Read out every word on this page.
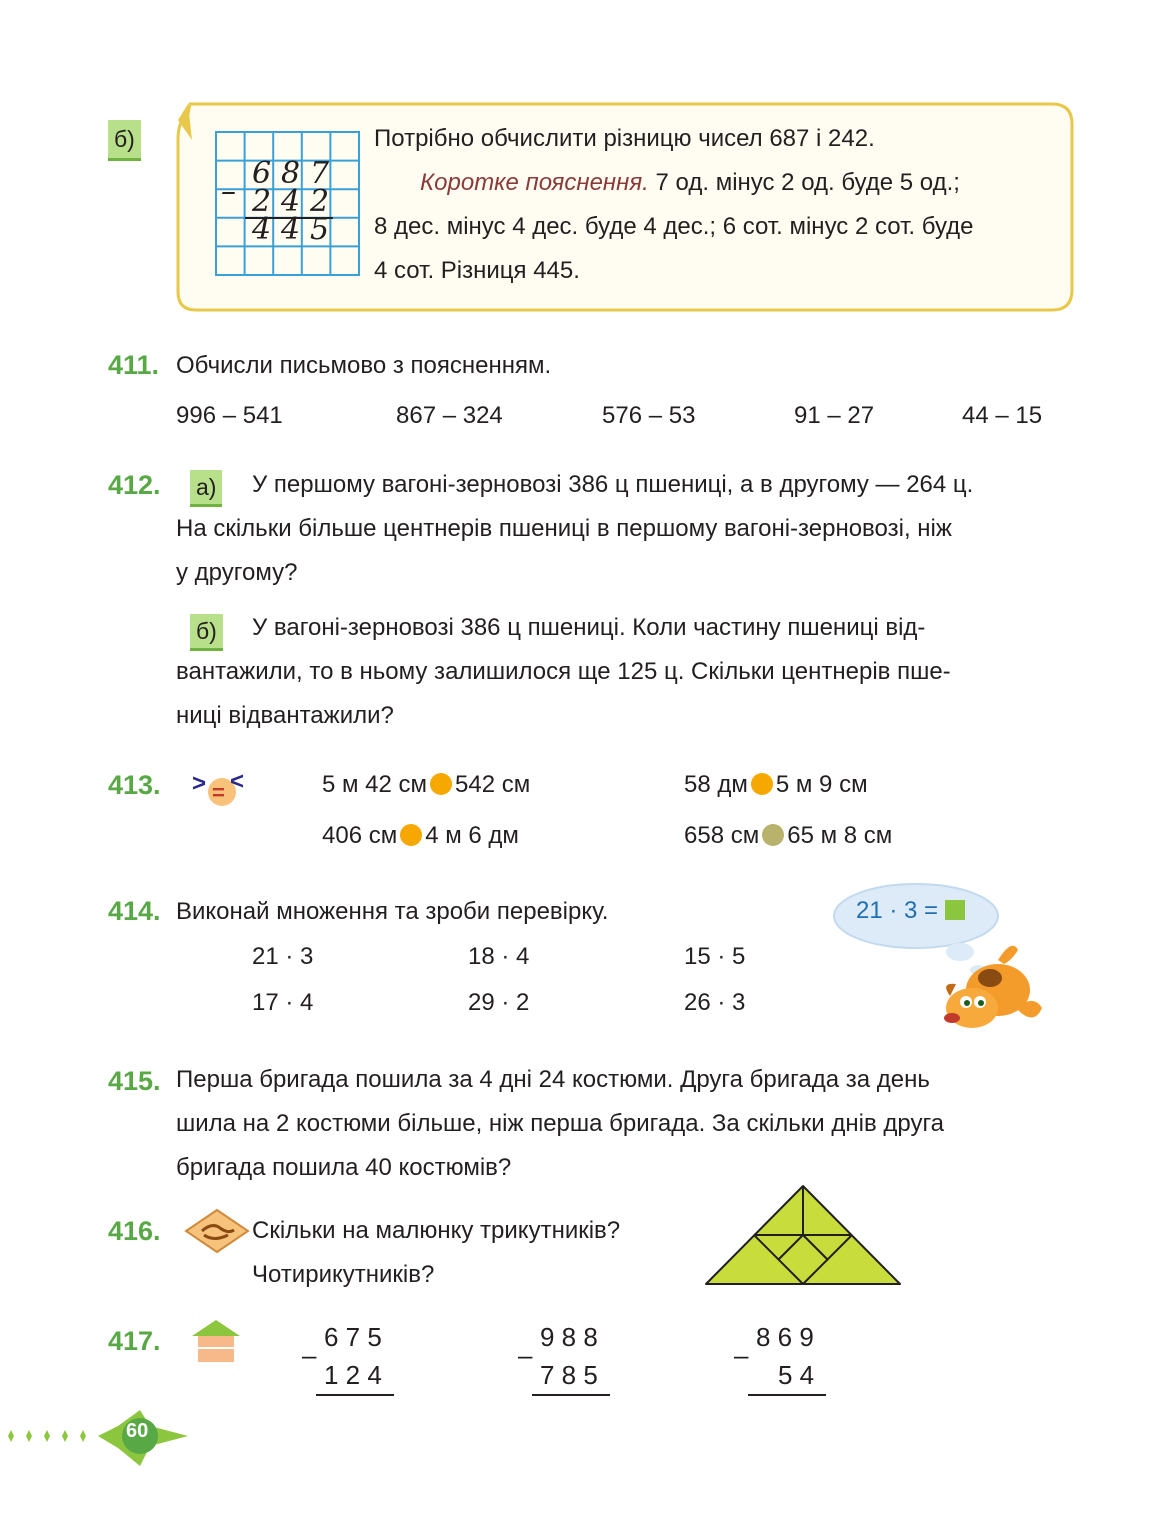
б)
–
6 8 7
2 4 2
4 4 5
Потрібно обчислити різницю чисел 687 і 242.
Коротке пояснення. 7 од. мінус 2 од. буде 5 од.;
8 дес. мінус 4 дес. буде 4 дес.; 6 сот. мінус 2 сот. буде
4 сот. Різниця 445.
411. Обчисли письмово з поясненням.
996 – 541	867 – 324	576 – 53	91 – 27	44 – 15
412. а)	У першому вагоні-зерновозі 386 ц пшениці, а в другому — 264 ц.
На скільки більше центнерів пшениці в першому вагоні-зерновозі, ніж
у другому?
б)	У вагоні-зерновозі 386 ц пшениці. Коли частину пшениці від-
вантажили, то в ньому залишилося ще 125 ц. Скільки центнерів пше-
ниці відвантажили?
413. > = <	5 м 42 см 542 см	58 дм 5 м 9 см
406 см 4 м 6 дм	658 см 65 м 8 см
414. Виконай множення та зроби перевірку.
21 · 3	18 · 4	15 · 5
17 · 4	29 · 2	26 · 3
21 · 3 =
415. Перша бригада пошила за 4 дні 24 костюми. Друга бригада за день
шила на 2 костюми більше, ніж перша бригада. За скільки днів друга
бригада пошила 40 костюмів?
416.	Скільки на малюнку трикутників?
Чотирикутників?
417.	–
6 7 5
1 2 4
–
9 8 8
7 8 5
–
8 6 9
5 4
60
